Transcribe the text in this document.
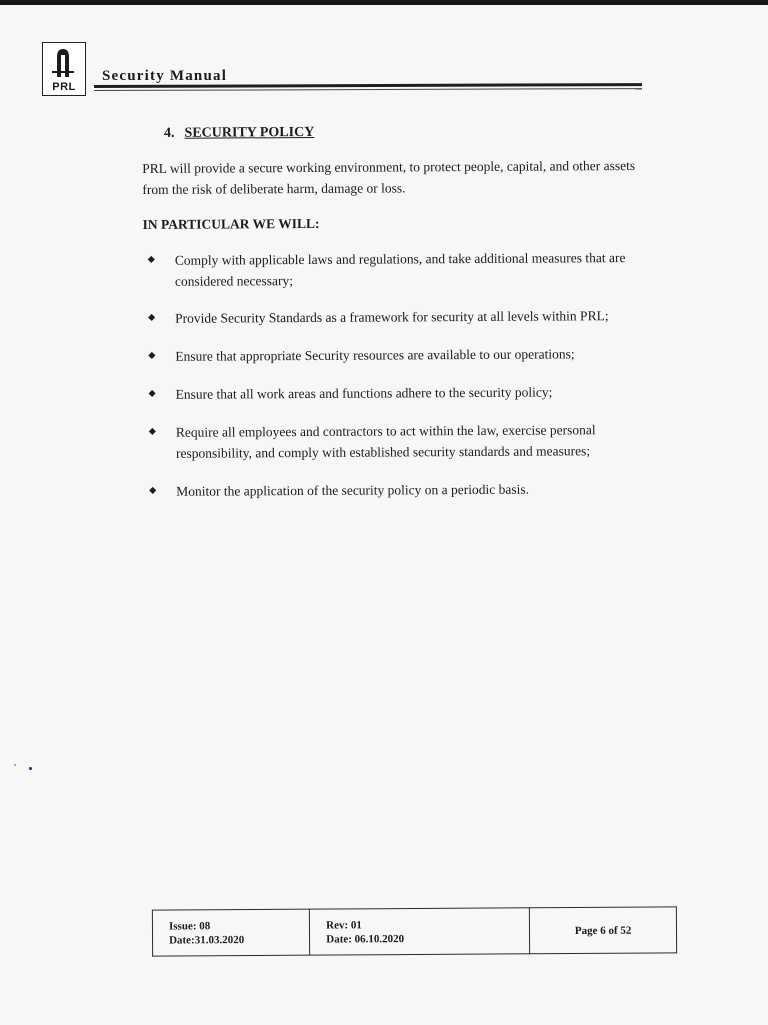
PRL
Security Manual
4. SECURITY POLICY

PRL will provide a secure working environment, to protect people, capital, and other assets from the risk of deliberate harm, damage or loss.

IN PARTICULAR WE WILL:
Comply with applicable laws and regulations, and take additional measures that are considered necessary;
Provide Security Standards as a framework for security at all levels within PRL;
Ensure that appropriate Security resources are available to our operations;
Ensure that all work areas and functions adhere to the security policy;
Require all employees and contractors to act within the law, exercise personal responsibility, and comply with established security standards and measures;
Monitor the application of the security policy on a periodic basis.
Issue: 08
Date:31.03.2020

Rev: 01
Date: 06.10.2020
	Page 6 of 52
